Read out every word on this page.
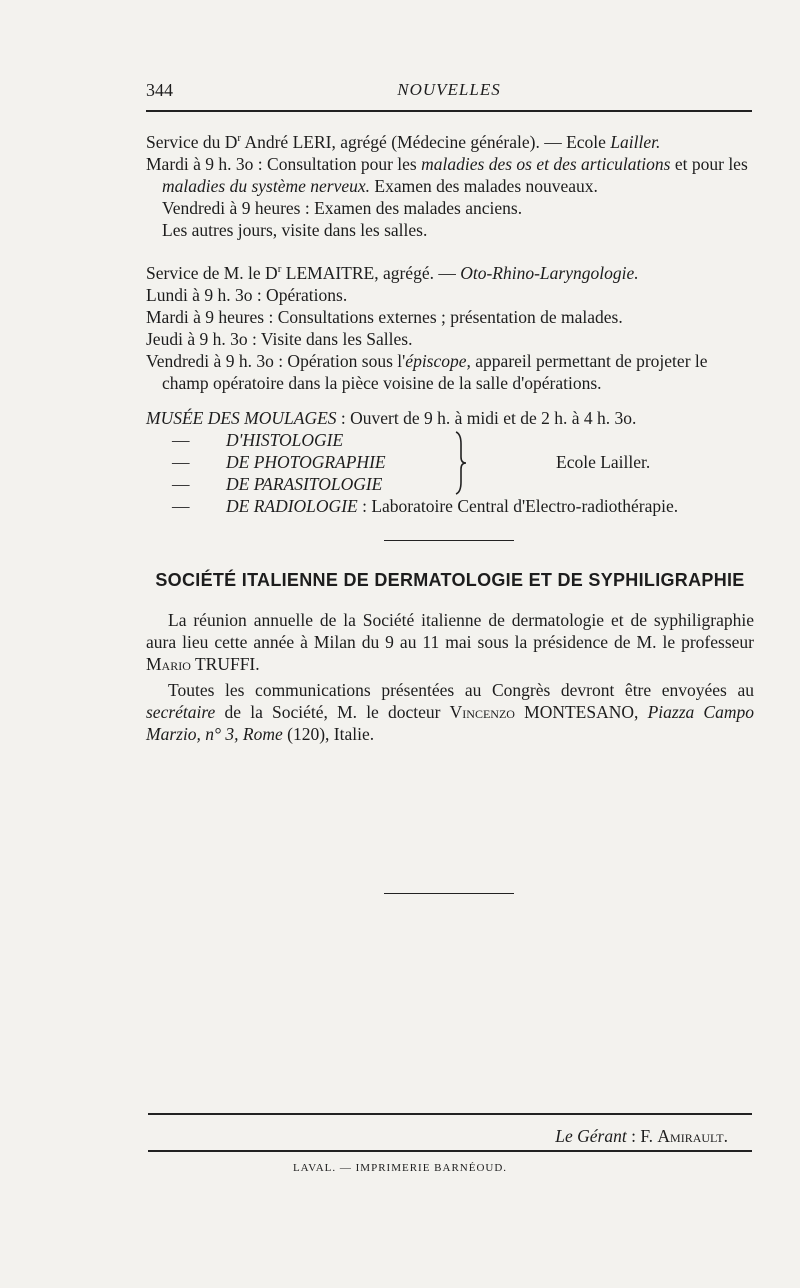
344	NOUVELLES

Service du $D^r$ André LERI, agrégé (Médecine générale). — Ecole Lailler.

Mardi à 9 h. 3o : Consultation pour les maladies des os et des articulations et pour les maladies du système nerveux. Examen des malades nouveaux.

Vendredi à 9 heures : Examen des malades anciens.

Les autres jours, visite dans les salles.

Service de M. le $D^r$ LEMAITRE, agrégé. — Oto-Rhino-Laryngologie.

Lundi à 9 h. 3o : Opérations.

Mardi à 9 heures : Consultations externes ; présentation de malades.

Jeudi à 9 h. 3o : Visite dans les Salles.

Vendredi à 9 h. 3o : Opération sous l'épiscope, appareil permettant de projeter le champ opératoire dans la pièce voisine de la salle d'opérations.

MUSÉE DES MOULAGES : Ouvert de 9 h. à midi et de 2 h. à 4 h. 3o.
— D'HISTOLOGIE
— DE PHOTOGRAPHIE
— DE PARASITOLOGIE
Ecole Lailler.
— DE RADIOLOGIE : Laboratoire Central d'Electro-radiothérapie.
SOCIÉTÉ ITALIENNE DE DERMATOLOGIE ET DE SYPHILIGRAPHIE

La réunion annuelle de la Société italienne de dermatologie et de syphiligraphie aura lieu cette année à Milan du 9 au 11 mai sous la présidence de M. le professeur Mario TRUFFI.

Toutes les communications présentées au Congrès devront être envoyées au secrétaire de la Société, M. le docteur Vincenzo MONTESANO, Piazza Campo Marzio, n° 3, Rome (120), Italie.

Le Gérant : F. Amirault.
LAVAL. — IMPRIMERIE BARNÉOUD.
